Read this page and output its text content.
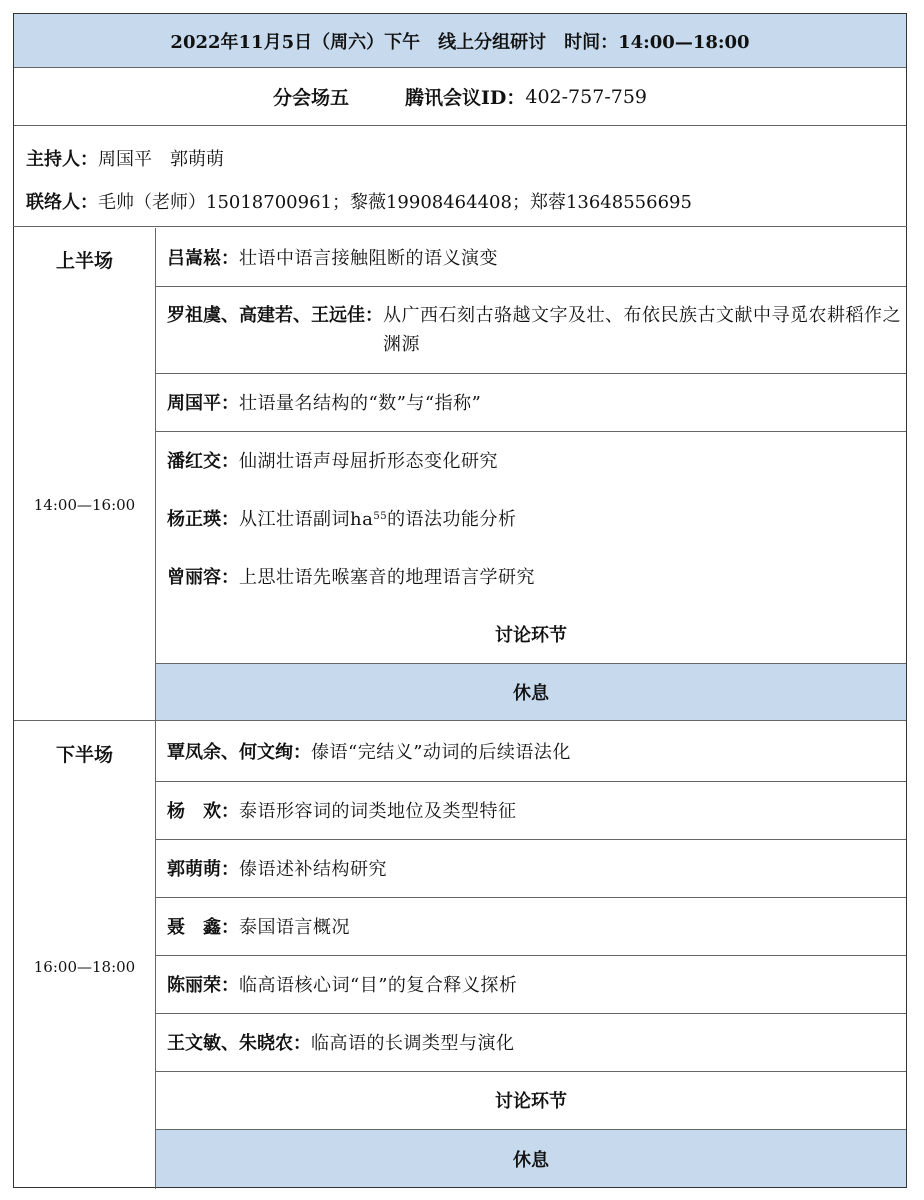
2022年11月5日（周六）下午　线上分组研讨　时间：14:00—18:00
分会场五	腾讯会议ID： 402-757-759
主持人：周国平　郭萌萌
联络人：毛帅（老师）15018700961；黎薇19908464408；郑蓉13648556695
上半场
14:00—16:00
吕嵩崧： 壮语中语言接触阻断的语义演变
罗祖虞、高建若、王远佳： 从广西石刻古骆越文字及壮、布依民族古文献中寻觅农耕稻作之渊源
周国平： 壮语量名结构的“数”与“指称”
潘红交： 仙湖壮语声母屈折形态变化研究
杨正瑛： 从江壮语副词$ha^{55}$的语法功能分析
曾丽容： 上思壮语先喉塞音的地理语言学研究
讨论环节
休息
下半场
16:00—18:00
覃凤余、何文绚： 傣语“完结义”动词的后续语法化
杨　欢： 泰语形容词的词类地位及类型特征
郭萌萌： 傣语述补结构研究
聂　鑫： 泰国语言概况
陈丽荣： 临高语核心词“目”的复合释义探析
王文敏、朱晓农： 临高语的长调类型与演化
讨论环节
休息
